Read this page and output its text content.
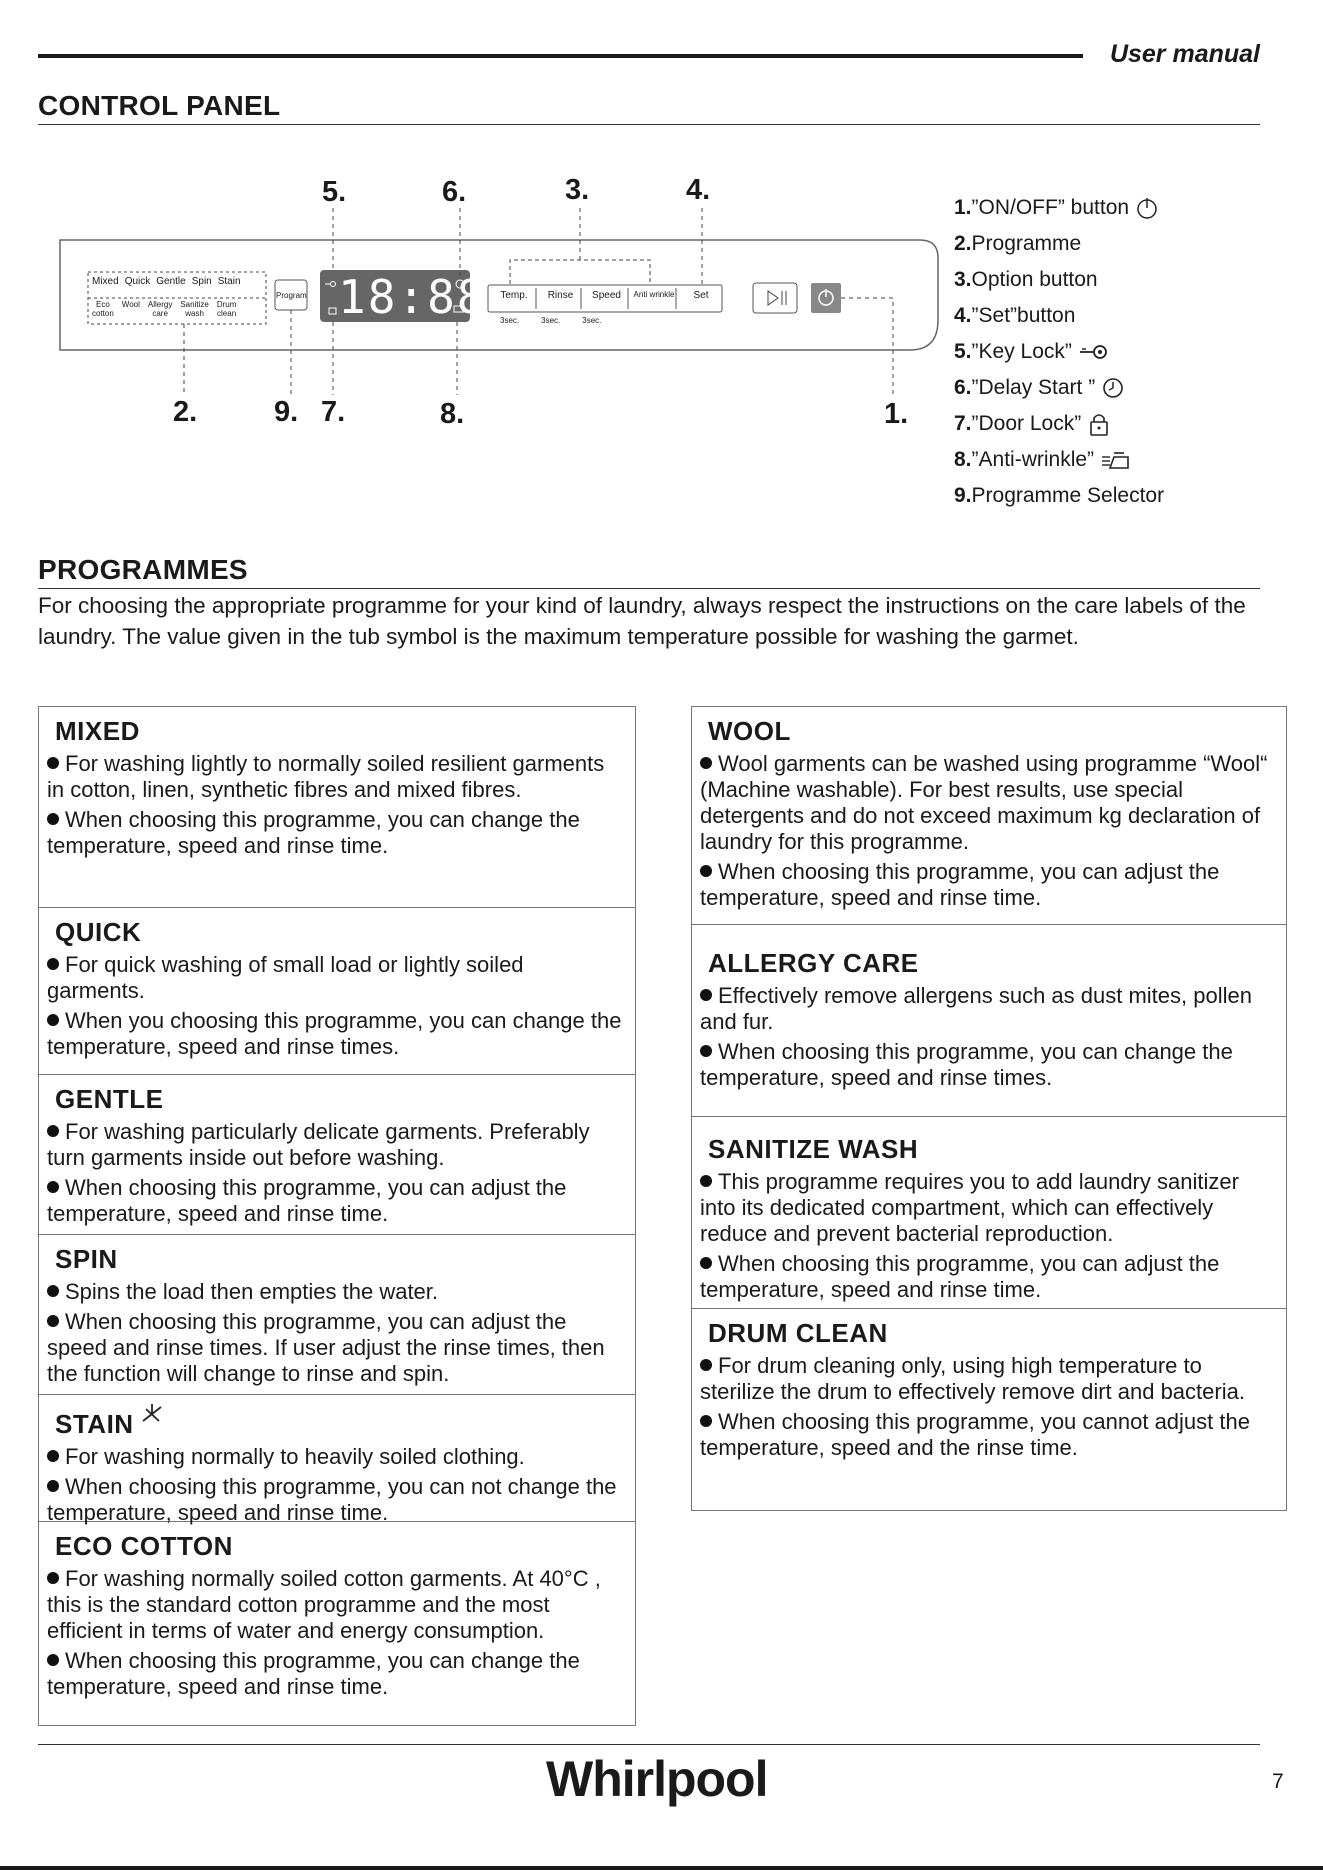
User manual
CONTROL PANEL
5.	6.	3.	4.
2.	9. 7.	8.	1.
Mixed Quick Gentle Spin Stain
Eco
cotton
Wool Allergy
care
Sanitize
wash
Drum
clean
Program 18:88	Temp.	Rinse	Speed	Anti wrinkle	Set
3sec.	3sec.	3sec.
1. ”ON/OFF” button
2. Programme
3. Option button
4. ”Set”button
5. ”Key Lock”
6. ”Delay Start ”
7. ”Door Lock”
8. ”Anti-wrinkle”
9. Programme Selector
PROGRAMMES
For choosing the appropriate programme for your kind of laundry, always respect the instructions on the care labels of the laundry. The value given in the tub symbol is the maximum temperature possible for washing the garmet.
MIXED
For washing lightly to normally soiled resilient garments in cotton, linen, synthetic fibres and mixed fibres.
When choosing this programme, you can change the temperature, speed and rinse time.
QUICK
For quick washing of small load or lightly soiled garments.
When you choosing this programme, you can change the temperature, speed and rinse times.
GENTLE
For washing particularly delicate garments. Preferably turn garments inside out before washing.
When choosing this programme, you can adjust the temperature, speed and rinse time.
SPIN
Spins the load then empties the water.
When choosing this programme, you can adjust the speed and rinse times. If user adjust the rinse times, then the function will change to rinse and spin.
STAIN
For washing normally to heavily soiled clothing.
When choosing this programme, you can not change the temperature, speed and rinse time.
ECO COTTON
For washing normally soiled cotton garments. At 40°C , this is the standard cotton programme and the most efficient in terms of water and energy consumption.
When choosing this programme, you can change the temperature, speed and rinse time.
WOOL
Wool garments can be washed using programme “Wool“ (Machine washable). For best results, use special detergents and do not exceed maximum kg declaration of laundry for this programme.
When choosing this programme, you can adjust the temperature, speed and rinse time.
ALLERGY CARE
Effectively remove allergens such as dust mites, pollen and fur.
When choosing this programme, you can change the temperature, speed and rinse times.
SANITIZE WASH
This programme requires you to add laundry sanitizer into its dedicated compartment, which can effectively reduce and prevent bacterial reproduction.
When choosing this programme, you can adjust the temperature, speed and rinse time.
DRUM CLEAN
For drum cleaning only, using high temperature to sterilize the drum to effectively remove dirt and bacteria.
When choosing this programme, you cannot adjust the temperature, speed and the rinse time.
Whirlpool	7
